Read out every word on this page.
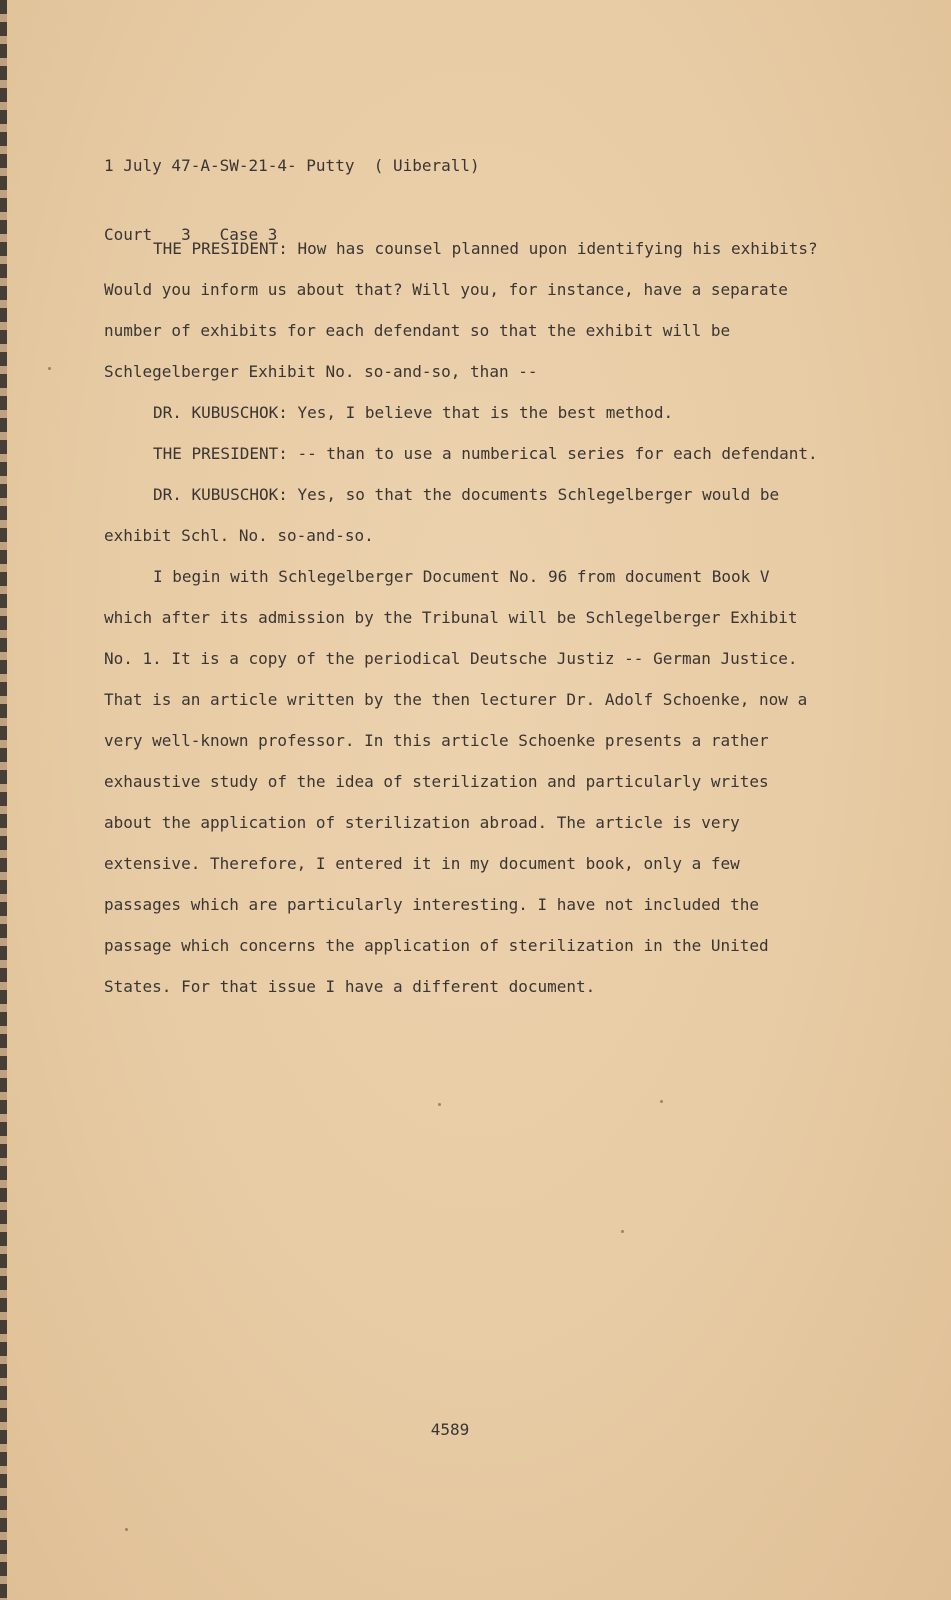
1 July 47-A-SW-21-4- Putty  ( Uiberall)

Court   3   Case 3

THE PRESIDENT: How has counsel planned upon identifying his exhibits? Would you inform us about that? Will you, for instance, have a separate number of exhibits for each defendant so that the exhibit will be Schlegelberger Exhibit No. so-and-so, than --

DR. KUBUSCHOK: Yes, I believe that is the best method.

THE PRESIDENT: -- than to use a numberical series for each defendant.

DR. KUBUSCHOK: Yes, so that the documents Schlegelberger would be exhibit Schl. No. so-and-so.

I begin with Schlegelberger Document No. 96 from document Book V which after its admission by the Tribunal will be Schlegelberger Exhibit No. 1. It is a copy of the periodical Deutsche Justiz -- German Justice. That is an article written by the then lecturer Dr. Adolf Schoenke, now a very well-known professor. In this article Schoenke presents a rather exhaustive study of the idea of sterilization and particularly writes about the application of sterilization abroad. The article is very extensive. Therefore, I entered it in my document book, only a few passages which are particularly interesting. I have not included the passage which concerns the application of sterilization in the United States. For that issue I have a different document.

4589
